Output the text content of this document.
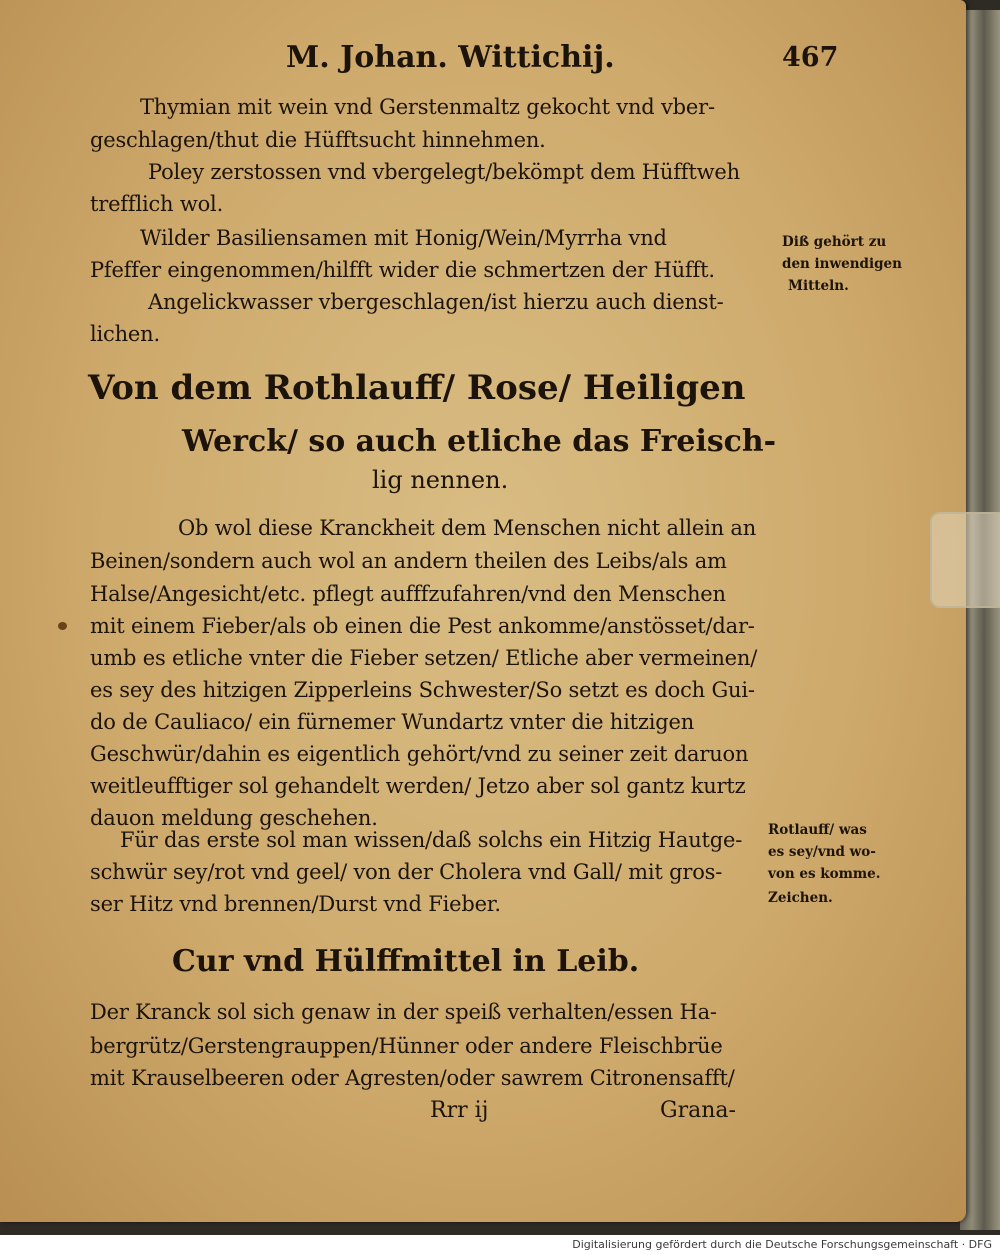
M. Johan. Wittichij.	467
Thymian mit wein vnd Gerstenmaltz gekocht vnd vber-
geschlagen/thut die Hüfftsucht hinnehmen.
Poley zerstossen vnd vbergelegt/bekömpt dem Hüfftweh
trefflich wol.
Wilder Basiliensamen mit Honig/Wein/Myrrha vnd
Pfeffer eingenommen/hilfft wider die schmertzen der Hüfft.
Angelickwasser vbergeschlagen/ist hierzu auch dienst-
lichen.
Diß gehört zu
den inwendigen
Mitteln.
Von dem Rothlauff/ Rose/ Heiligen
Werck/ so auch etliche das Freisch-
lig nennen.
Ob wol diese Kranckheit dem Menschen nicht allein an
Beinen/sondern auch wol an andern theilen des Leibs/als am
Halse/Angesicht/etc. pflegt aufffzufahren/vnd den Menschen
mit einem Fieber/als ob einen die Pest ankomme/anstösset/dar-
umb es etliche vnter die Fieber setzen/ Etliche aber vermeinen/
es sey des hitzigen Zipperleins Schwester/So setzt es doch Gui-
do de Cauliaco/ ein fürnemer Wundartz vnter die hitzigen
Geschwür/dahin es eigentlich gehört/vnd zu seiner zeit daruon
weitleufftiger sol gehandelt werden/ Jetzo aber sol gantz kurtz
dauon meldung geschehen.
Für das erste sol man wissen/daß solchs ein Hitzig Hautge-
schwür sey/rot vnd geel/ von der Cholera vnd Gall/ mit gros-
ser Hitz vnd brennen/Durst vnd Fieber.
Rotlauff/ was
es sey/vnd wo-
von es komme.
Zeichen.
Cur vnd Hülffmittel in Leib.
Der Kranck sol sich genaw in der speiß verhalten/essen Ha-
bergrütz/Gerstengrauppen/Hünner oder andere Fleischbrüe
mit Krauselbeeren oder Agresten/oder sawrem Citronensafft/
Rrr ij	Grana-
Digitalisierung gefördert durch die Deutsche Forschungsgemeinschaft · DFG
